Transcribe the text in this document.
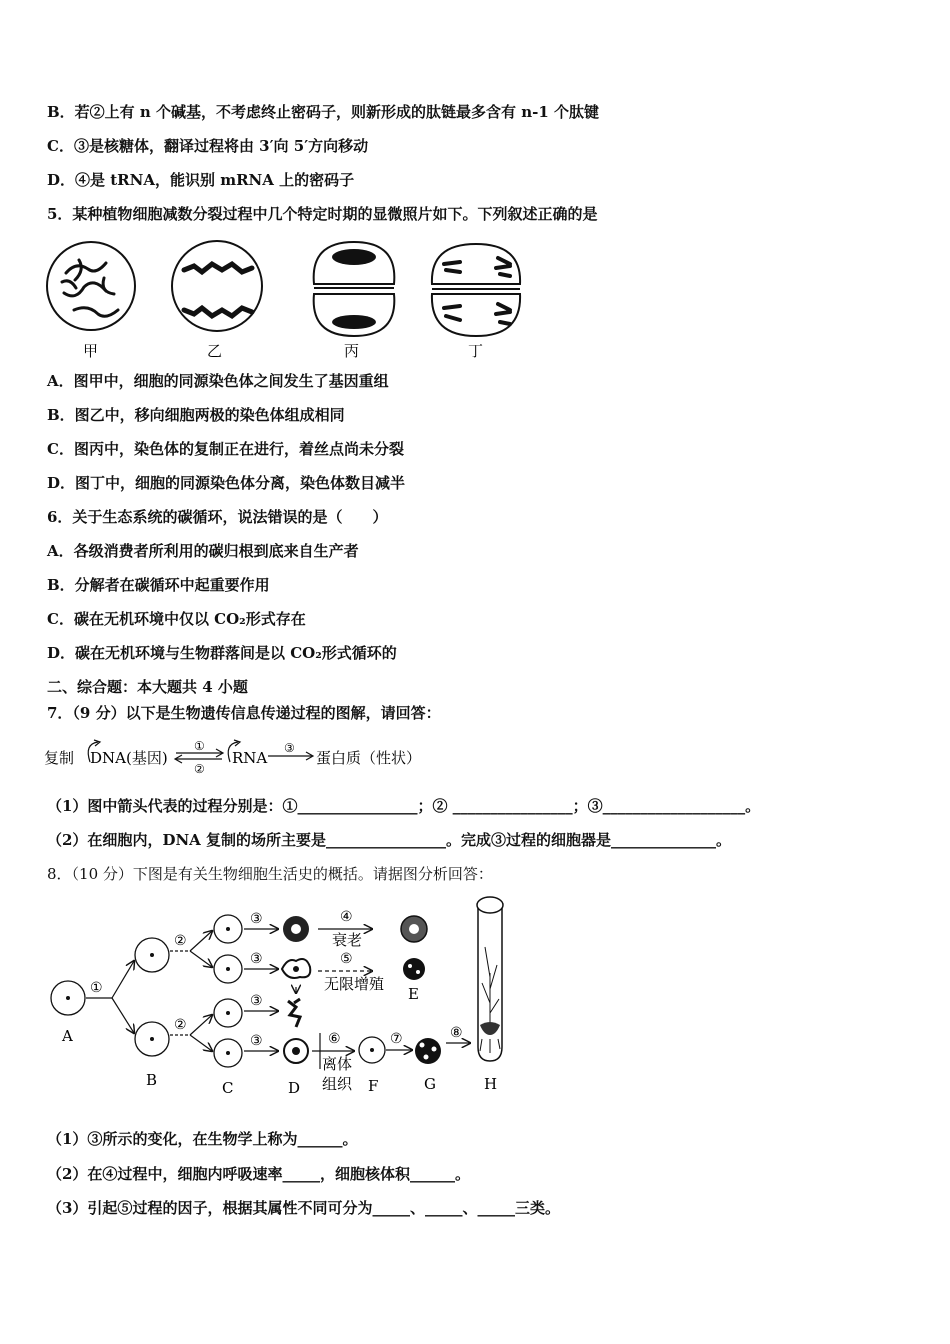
B．若②上有 n 个碱基，不考虑终止密码子，则新形成的肽链最多含有 n-1 个肽键
C．③是核糖体，翻译过程将由 3′向 5′方向移动
D．④是 tRNA，能识别 mRNA 上的密码子
5．某种植物细胞减数分裂过程中几个特定时期的显微照片如下。下列叙述正确的是
甲	乙	丙	丁
A．图甲中，细胞的同源染色体之间发生了基因重组
B．图乙中，移向细胞两极的染色体组成相同
C．图丙中，染色体的复制正在进行，着丝点尚未分裂
D．图丁中，细胞的同源染色体分离，染色体数目减半
6．关于生态系统的碳循环，说法错误的是（　　）
A．各级消费者所利用的碳归根到底来自生产者
B．分解者在碳循环中起重要作用
C．碳在无机环境中仅以 CO₂形式存在
D．碳在无机环境与生物群落间是以 CO₂形式循环的
二、综合题：本大题共 4 小题
7．（9 分）以下是生物遗传信息传递过程的图解，请回答：
复制 DNA(基因)
①
②
RNA
③
蛋白质（性状）
（1）图中箭头代表的过程分别是：①________________；② ________________；③___________________。
（2）在细胞内，DNA 复制的场所主要是________________。完成③过程的细胞器是______________。
8．（10 分）下图是有关生物细胞生活史的概括。请据图分析回答：
①
②
②
③
③
③
③
④
衰老
⑤
无限增殖
⑥
离体
组织
⑦	⑧
A
B	C	D
E
F	G	H
（1）③所示的变化，在生物学上称为______。
（2）在④过程中，细胞内呼吸速率_____，细胞核体积______。
（3）引起⑤过程的因子，根据其属性不同可分为_____、_____、_____三类。
